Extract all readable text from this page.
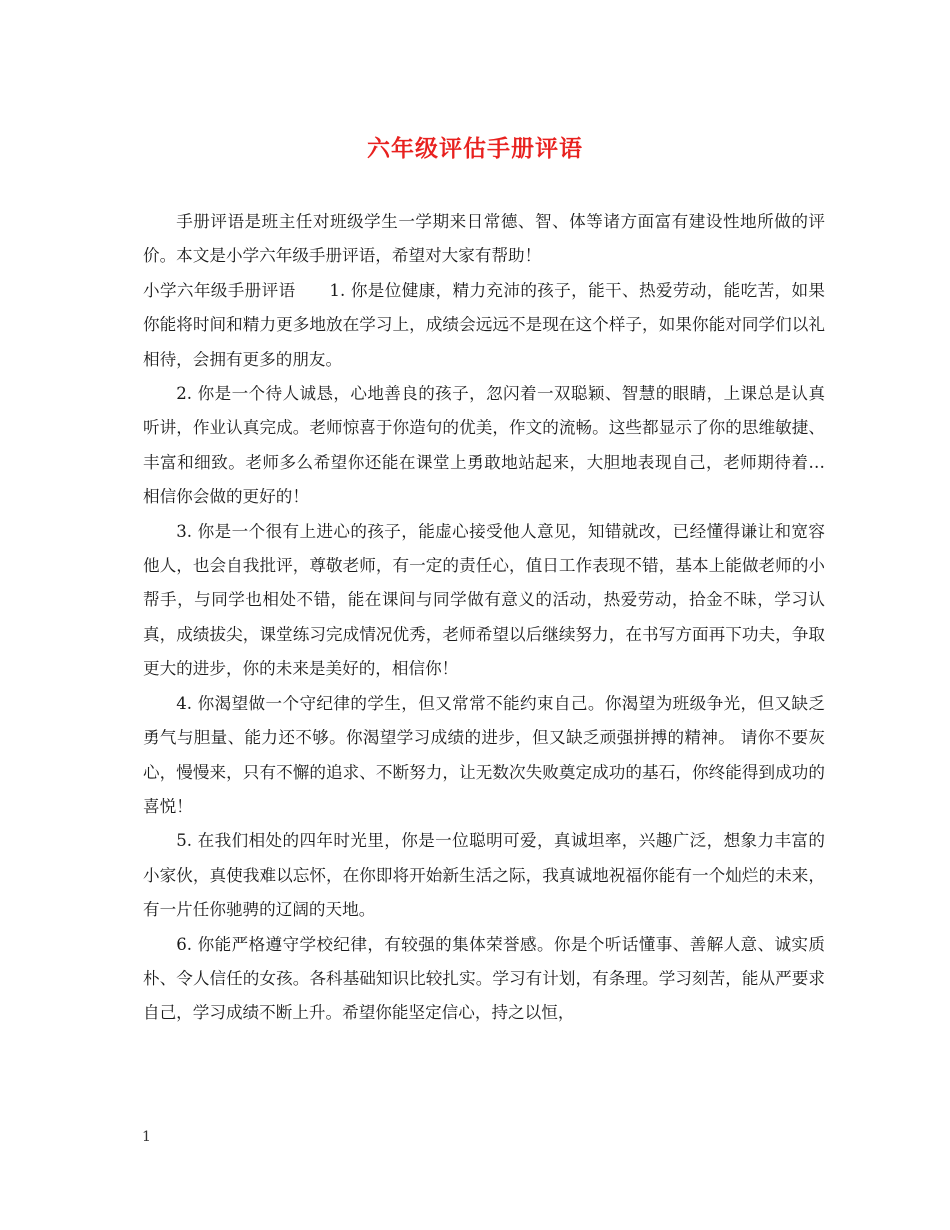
六年级评估手册评语

手册评语是班主任对班级学生一学期来日常德、智、体等诸方面富有建设性地所做的评价。本文是小学六年级手册评语，希望对大家有帮助！

小学六年级手册评语　　1. 你是位健康，精力充沛的孩子，能干、热爱劳动，能吃苦，如果你能将时间和精力更多地放在学习上，成绩会远远不是现在这个样子，如果你能对同学们以礼相待，会拥有更多的朋友。

2. 你是一个待人诚恳，心地善良的孩子，忽闪着一双聪颖、智慧的眼睛，上课总是认真听讲，作业认真完成。老师惊喜于你造句的优美，作文的流畅。这些都显示了你的思维敏捷、丰富和细致。老师多么希望你还能在课堂上勇敢地站起来，大胆地表现自己，老师期待着… 相信你会做的更好的！

3. 你是一个很有上进心的孩子，能虚心接受他人意见，知错就改，已经懂得谦让和宽容他人，也会自我批评，尊敬老师，有一定的责任心，值日工作表现不错，基本上能做老师的小帮手，与同学也相处不错，能在课间与同学做有意义的活动，热爱劳动，拾金不昧，学习认真，成绩拔尖，课堂练习完成情况优秀，老师希望以后继续努力，在书写方面再下功夫，争取更大的进步，你的未来是美好的，相信你！

4. 你渴望做一个守纪律的学生，但又常常不能约束自己。你渴望为班级争光，但又缺乏勇气与胆量、能力还不够。你渴望学习成绩的进步，但又缺乏顽强拼搏的精神。 请你不要灰心，慢慢来，只有不懈的追求、不断努力，让无数次失败奠定成功的基石，你终能得到成功的喜悦！

5. 在我们相处的四年时光里，你是一位聪明可爱，真诚坦率，兴趣广泛，想象力丰富的小家伙，真使我难以忘怀，在你即将开始新生活之际，我真诚地祝福你能有一个灿烂的未来，有一片任你驰骋的辽阔的天地。

6. 你能严格遵守学校纪律，有较强的集体荣誉感。你是个听话懂事、善解人意、诚实质朴、令人信任的女孩。各科基础知识比较扎实。学习有计划，有条理。学习刻苦，能从严要求自己，学习成绩不断上升。希望你能坚定信心，持之以恒，

1
